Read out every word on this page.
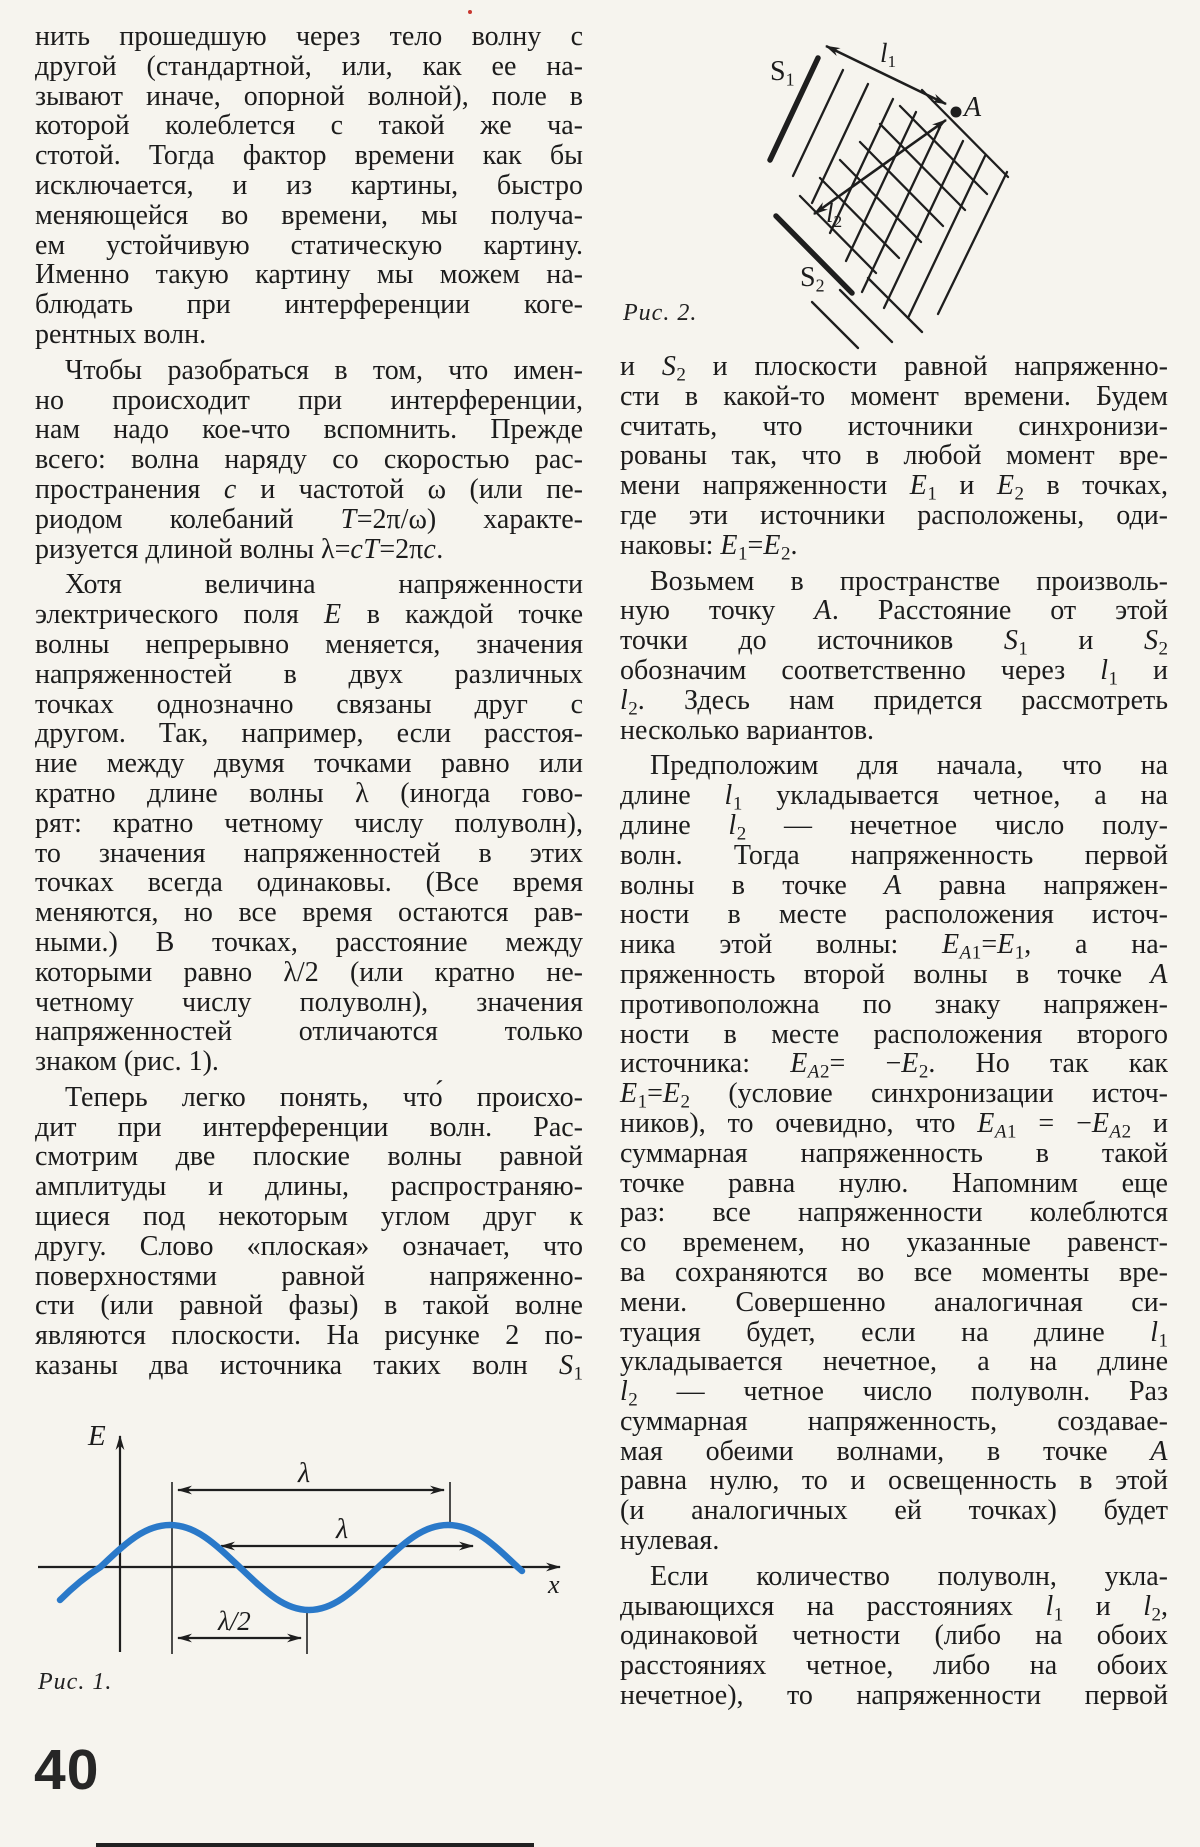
нить прошедшую через тело волну с
другой (стандартной, или, как ее на-
зывают иначе, опорной волной), поле в
которой колеблется с такой же ча-
стотой. Тогда фактор времени как бы
исключается, и из картины, быстро
меняющейся во времени, мы получа-
ем устойчивую статическую картину.
Именно такую картину мы можем на-
блюдать при интерференции коге-
рентных волн.
Чтобы разобраться в том, что имен-
но происходит при интерференции,
нам надо кое-что вспомнить. Прежде
всего: волна наряду со скоростью рас-
пространения c и частотой ω (или пе-
риодом колебаний T=2π/ω) характе-
ризуется длиной волны λ=cT=2πc.
Хотя величина напряженности
электрического поля E в каждой точке
волны непрерывно меняется, значения
напряженностей в двух различных
точках однозначно связаны друг с
другом. Так, например, если расстоя-
ние между двумя точками равно или
кратно длине волны λ (иногда гово-
рят: кратно четному числу полуволн),
то значения напряженностей в этих
точках всегда одинаковы. (Все время
меняются, но все время остаются рав-
ными.) В точках, расстояние между
которыми равно λ/2 (или кратно не-
четному числу полуволн), значения
напряженностей отличаются только
знаком (рис. 1).
Теперь легко понять, что́ происхо-
дит при интерференции волн. Рас-
смотрим две плоские волны равной
амплитуды и длины, распространяю-
щиеся под некоторым углом друг к
другу. Слово «плоская» означает, что
поверхностями равной напряженно-
сти (или равной фазы) в такой волне
являются плоскости. На рисунке 2 по-
казаны два источника таких волн $S_1$
и $S_2$ и плоскости равной напряженно-
сти в какой-то момент времени. Будем
считать, что источники синхронизи-
рованы так, что в любой момент вре-
мени напряженности $E_1$ и $E_2$ в точках,
где эти источники расположены, оди-
наковы: $E_1=E_2$.
Возьмем в пространстве произволь-
ную точку A. Расстояние от этой
точки до источников $S_1$ и $S_2$
обозначим соответственно через $l_1$ и
$l_2$. Здесь нам придется рассмотреть
несколько вариантов.
Предположим для начала, что на
длине $l_1$ укладывается четное, а на
длине $l_2$ — нечетное число полу-
волн. Тогда напряженность первой
волны в точке A равна напряжен-
ности в месте расположения источ-
ника этой волны: $E_{A1}=E_1$, а на-
пряженность второй волны в точке A
противоположна по знаку напряжен-
ности в месте расположения второго
источника: $E_{A2}= -E_2$. Но так как
$E_1=E_2$ (условие синхронизации источ-
ников), то очевидно, что $E_{A1} = -E_{A2}$ и
суммарная напряженность в такой
точке равна нулю. Напомним еще
раз: все напряженности колеблются
со временем, но указанные равенст-
ва сохраняются во все моменты вре-
мени. Совершенно аналогичная си-
туация будет, если на длине $l_1$
укладывается нечетное, а на длине
$l_2$ — четное число полуволн. Раз
суммарная напряженность, создавае-
мая обеими волнами, в точке A
равна нулю, то и освещенность в этой
(и аналогичных ей точках) будет
нулевая.
Если количество полуволн, укла-
дывающихся на расстояниях $l_1$ и $l_2$,
одинаковой четности (либо на обоих
расстояниях четное, либо на обоих
нечетное), то напряженности первой
$S_1$
$S_2$
$l_1$
$l_2$
A
Рис. 2.
E
x
λ
λ
λ/2
Рис. 1.
40
